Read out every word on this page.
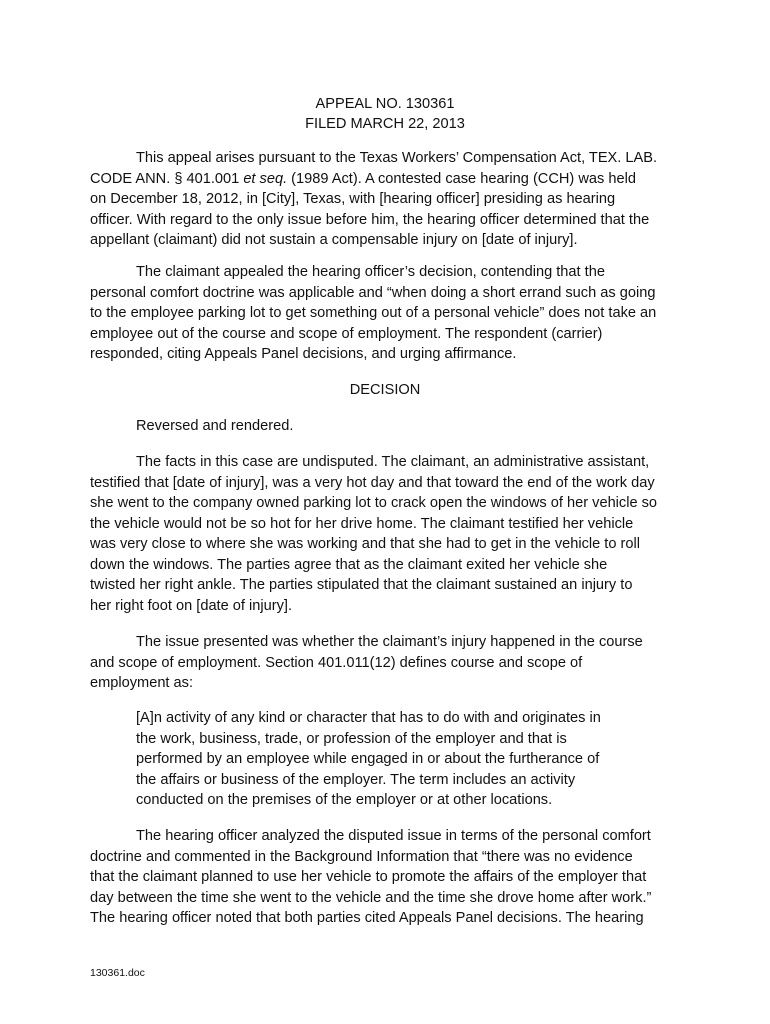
APPEAL NO. 130361
FILED MARCH 22, 2013
This appeal arises pursuant to the Texas Workers’ Compensation Act, TEX. LAB.
CODE ANN. § 401.001 et seq. (1989 Act). A contested case hearing (CCH) was held
on December 18, 2012, in [City], Texas, with [hearing officer] presiding as hearing
officer. With regard to the only issue before him, the hearing officer determined that the
appellant (claimant) did not sustain a compensable injury on [date of injury].
The claimant appealed the hearing officer’s decision, contending that the
personal comfort doctrine was applicable and “when doing a short errand such as going
to the employee parking lot to get something out of a personal vehicle” does not take an
employee out of the course and scope of employment. The respondent (carrier)
responded, citing Appeals Panel decisions, and urging affirmance.
DECISION
Reversed and rendered.
The facts in this case are undisputed. The claimant, an administrative assistant,
testified that [date of injury], was a very hot day and that toward the end of the work day
she went to the company owned parking lot to crack open the windows of her vehicle so
the vehicle would not be so hot for her drive home. The claimant testified her vehicle
was very close to where she was working and that she had to get in the vehicle to roll
down the windows. The parties agree that as the claimant exited her vehicle she
twisted her right ankle. The parties stipulated that the claimant sustained an injury to
her right foot on [date of injury].
The issue presented was whether the claimant’s injury happened in the course
and scope of employment. Section 401.011(12) defines course and scope of
employment as:
[A]n activity of any kind or character that has to do with and originates in
the work, business, trade, or profession of the employer and that is
performed by an employee while engaged in or about the furtherance of
the affairs or business of the employer. The term includes an activity
conducted on the premises of the employer or at other locations.
The hearing officer analyzed the disputed issue in terms of the personal comfort
doctrine and commented in the Background Information that “there was no evidence
that the claimant planned to use her vehicle to promote the affairs of the employer that
day between the time she went to the vehicle and the time she drove home after work.”
The hearing officer noted that both parties cited Appeals Panel decisions. The hearing
130361.doc
